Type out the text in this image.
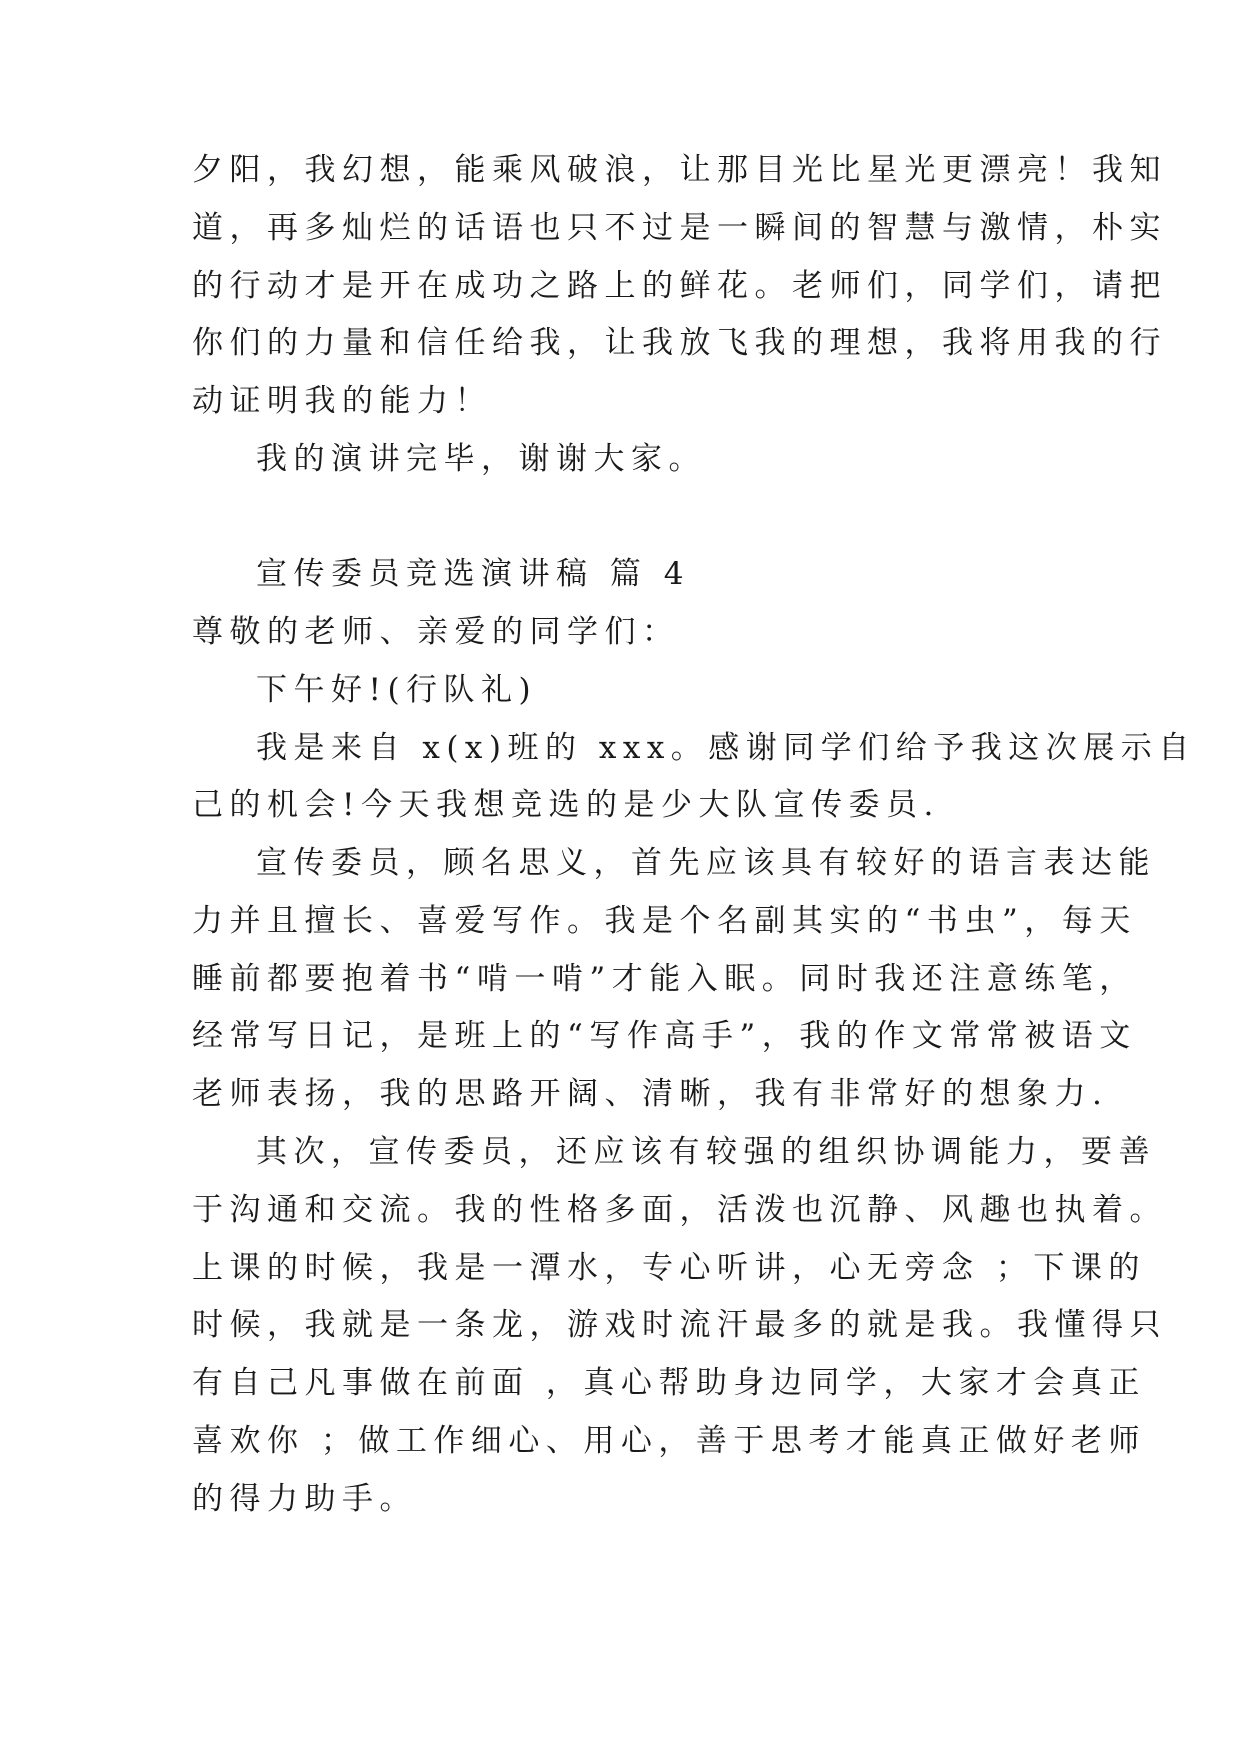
夕阳，我幻想，能乘风破浪，让那目光比星光更漂亮！我知
道，再多灿烂的话语也只不过是一瞬间的智慧与激情，朴实
的行动才是开在成功之路上的鲜花。老师们，同学们，请把
你们的力量和信任给我，让我放飞我的理想，我将用我的行
动证明我的能力！
我的演讲完毕，谢谢大家。
宣传委员竞选演讲稿 篇 4
尊敬的老师、亲爱的同学们：
下午好!(行队礼)
我是来自 x(x)班的 xxx。感谢同学们给予我这次展示自
己的机会!今天我想竞选的是少大队宣传委员.
宣传委员，顾名思义，首先应该具有较好的语言表达能
力并且擅长、喜爱写作。我是个名副其实的“书虫”，每天
睡前都要抱着书“啃一啃”才能入眠。同时我还注意练笔，
经常写日记，是班上的“写作高手”，我的作文常常被语文
老师表扬，我的思路开阔、清晰，我有非常好的想象力.
其次，宣传委员，还应该有较强的组织协调能力，要善
于沟通和交流。我的性格多面，活泼也沉静、风趣也执着。
上课的时候，我是一潭水，专心听讲，心无旁念 ；下课的
时候，我就是一条龙，游戏时流汗最多的就是我。我懂得只
有自己凡事做在前面 ，真心帮助身边同学，大家才会真正
喜欢你 ；做工作细心、用心，善于思考才能真正做好老师
的得力助手。
